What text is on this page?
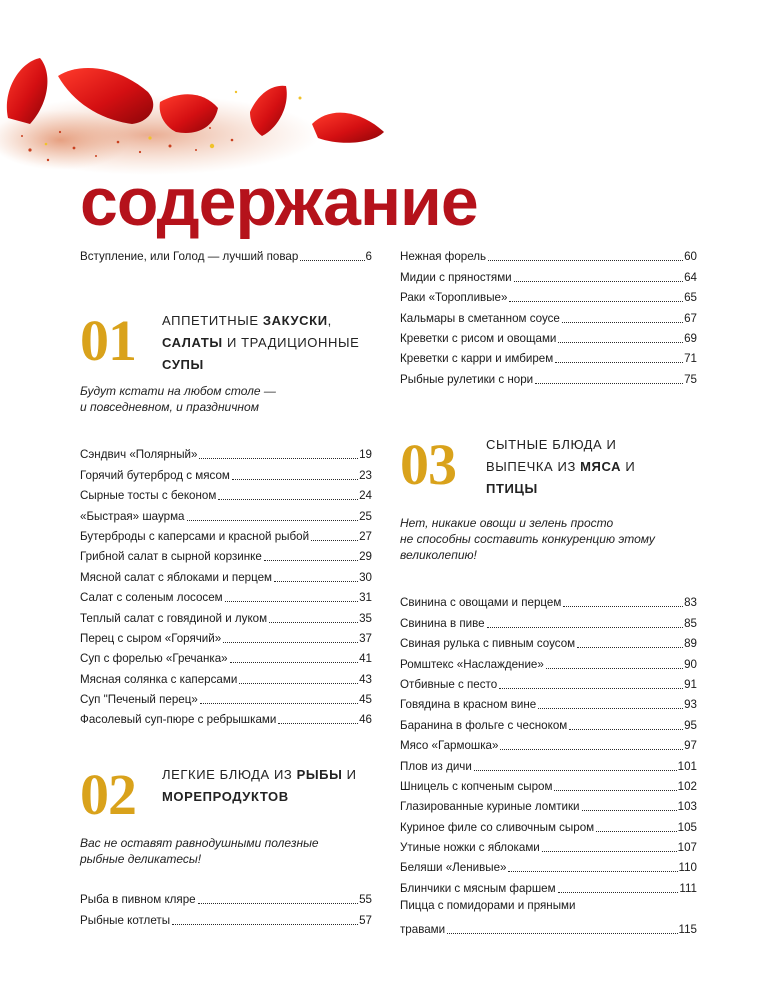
содержание
Вступление, или Голод — лучший повар	6
01 АППЕТИТНЫЕ ЗАКУСКИ, САЛАТЫ И ТРАДИЦИОННЫЕ СУПЫ

Будут кстати на любом столе —
и повседневном, и праздничном

Сэндвич «Полярный»	19
Горячий бутерброд с мясом	23
Сырные тосты с беконом	24
«Быстрая» шаурма	25
Бутерброды с каперсами и красной рыбой	27
Грибной салат в сырной корзинке	29
Мясной салат с яблоками и перцем	30
Салат с соленым лососем	31
Теплый салат с говядиной и луком	35
Перец с сыром «Горячий»	37
Суп с форелью «Гречанка»	41
Мясная солянка с каперсами	43
Суп "Печеный перец»	45
Фасолевый суп-пюре с ребрышками	46
02 ЛЕГКИЕ БЛЮДА ИЗ РЫБЫ И МОРЕПРОДУКТОВ

Вас не оставят равнодушными полезные
рыбные деликатесы!

Рыба в пивном кляре	55
Рыбные котлеты	57
Нежная форель	60
Мидии с пряностями	64
Раки «Торопливые»	65
Кальмары в сметанном соусе	67
Креветки с рисом и овощами	69
Креветки с карри и имбирем	71
Рыбные рулетики с нори	75
03 СЫТНЫЕ БЛЮДА И ВЫПЕЧКА ИЗ МЯСА И ПТИЦЫ

Нет, никакие овощи и зелень просто
не способны составить конкуренцию этому
великолепию!

Свинина с овощами и перцем	83
Свинина в пиве	85
Свиная рулька с пивным соусом	89
Ромштекс «Наслаждение»	90
Отбивные с песто	91
Говядина в красном вине	93
Баранина в фольге с чесноком	95
Мясо «Гармошка»	97
Плов из дичи	101
Шницель с копченым сыром	102
Глазированные куриные ломтики	103
Куриное филе со сливочным сыром	105
Утиные ножки с яблоками	107
Беляши «Ленивые»	110
Блинчики с мясным фаршем	111
Пицца с помидорами и пряными
травами	115
